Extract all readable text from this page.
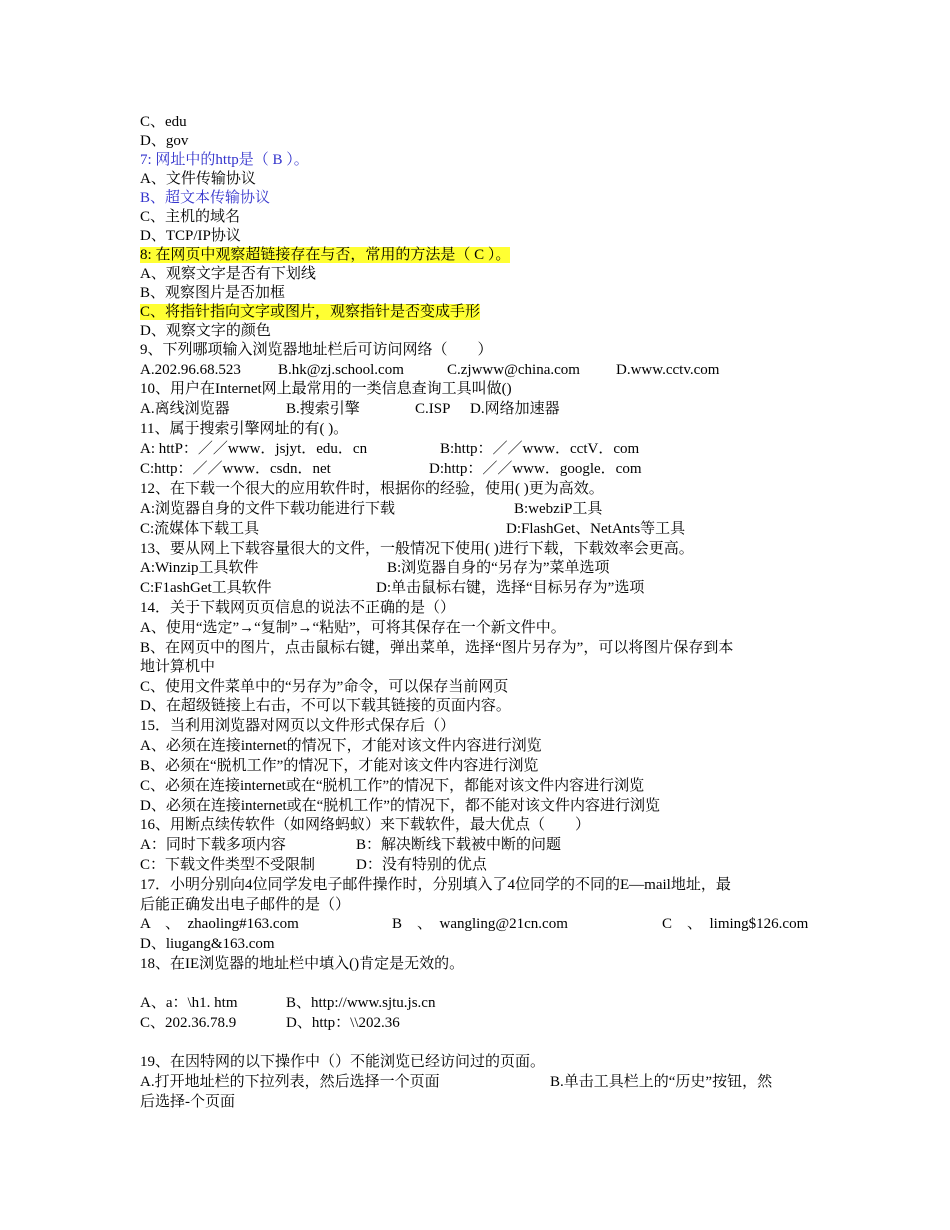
C、edu
D、gov
7: 网址中的http是（ B ）。
A、文件传输协议
B、超文本传输协议
C、主机的域名
D、TCP/IP协议
8: 在网页中观察超链接存在与否，常用的方法是（ C ）。
A、观察文字是否有下划线
B、观察图片是否加框
C、将指针指向文字或图片，观察指针是否变成手形
D、观察文字的颜色
9、下列哪项输入浏览器地址栏后可访问网络（　　）
A.202.96.68.523 B.hk@zj.school.com	C.zjwww@china.com D.www.cctv.com
10、用户在Internet网上最常用的一类信息查询工具叫做()
A.离线浏览器	B.搜索引擎	C.ISP D.网络加速器
11、属于搜索引擎网址的有( )。
A: httP：／／www．jsjyt．edu．cn	B:http：／／www．cctV．com
C:http：／／www．csdn．net	D:http：／／www．google．com
12、在下载一个很大的应用软件时，根据你的经验，使用( )更为高效。
A:浏览器自身的文件下载功能进行下载	B:webziP工具
C:流媒体下载工具	D:FlashGet、NetAnts等工具
13、要从网上下载容量很大的文件，一般情况下使用( )进行下载，下载效率会更高。
A:Winzip工具软件	B:浏览器自身的“另存为”菜单选项
C:F1ashGet工具软件	D:单击鼠标右键，选择“目标另存为”选项
14．关于下载网页页信息的说法不正确的是（）
A、使用“选定”→“复制”→“粘贴”，可将其保存在一个新文件中。
B、在网页中的图片，点击鼠标右键，弹出菜单，选择“图片另存为”，可以将图片保存到本
地计算机中
C、使用文件菜单中的“另存为”命令，可以保存当前网页
D、在超级链接上右击，不可以下载其链接的页面内容。
15．当利用浏览器对网页以文件形式保存后（）
A、必须在连接internet的情况下，才能对该文件内容进行浏览
B、必须在“脱机工作”的情况下，才能对该文件内容进行浏览
C、必须在连接internet或在“脱机工作”的情况下，都能对该文件内容进行浏览
D、必须在连接internet或在“脱机工作”的情况下，都不能对该文件内容进行浏览
16、用断点续传软件（如网络蚂蚁）来下载软件，最大优点（　　）
A：同时下载多项内容	B：解决断线下载被中断的问题
C：下载文件类型不受限制	D：没有特别的优点
17．小明分别向4位同学发电子邮件操作时，分别填入了4位同学的不同的E—mail地址，最
后能正确发出电子邮件的是（）
A　、　zhaoling#163.com	B　、　wangling@21cn.com	C　、　liming$126.com
D、liugang&163.com
18、在IE浏览器的地址栏中填入()肯定是无效的。
A、a：\h1. htm	B、http://www.sjtu.js.cn
C、202.36.78.9	D、http：\\202.36
19、在因特网的以下操作中（）不能浏览已经访问过的页面。
A.打开地址栏的下拉列表，然后选择一个页面	B.单击工具栏上的“历史”按钮，然
后选择-个页面
